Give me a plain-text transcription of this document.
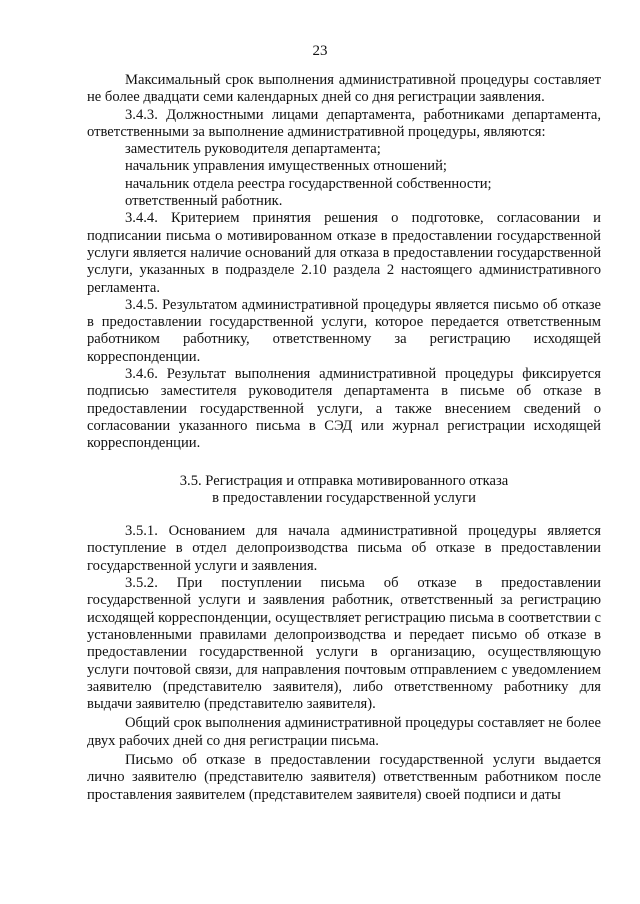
23

Максимальный срок выполнения административной процедуры составляет не более двадцати семи календарных дней со дня регистрации заявления.

3.4.3. Должностными лицами департамента, работниками департамента, ответственными за выполнение административной процедуры, являются:

заместитель руководителя департамента;

начальник управления имущественных отношений;

начальник отдела реестра государственной собственности;

ответственный работник.

3.4.4. Критерием принятия решения о подготовке, согласовании и подписании письма о мотивированном отказе в предоставлении государственной услуги является наличие оснований для отказа в предоставлении государственной услуги, указанных в подразделе 2.10 раздела 2 настоящего административного регламента.

3.4.5. Результатом административной процедуры является письмо об отказе в предоставлении государственной услуги, которое передается ответственным работником работнику, ответственному за регистрацию исходящей корреспонденции.

3.4.6. Результат выполнения административной процедуры фиксируется подписью заместителя руководителя департамента в письме об отказе в предоставлении государственной услуги, а также внесением сведений о согласовании указанного письма в СЭД или журнал регистрации исходящей корреспонденции.

3.5. Регистрация и отправка мотивированного отказа
в предоставлении государственной услуги

3.5.1. Основанием для начала административной процедуры является поступление в отдел делопроизводства письма об отказе в предоставлении государственной услуги и заявления.

3.5.2. При поступлении письма об отказе в предоставлении государственной услуги и заявления работник, ответственный за регистрацию исходящей корреспонденции, осуществляет регистрацию письма в соответствии с установленными правилами делопроизводства и передает письмо об отказе в предоставлении государственной услуги в организацию, осуществляющую услуги почтовой связи, для направления почтовым отправлением с уведомлением заявителю (представителю заявителя), либо ответственному работнику для выдачи заявителю (представителю заявителя).

Общий срок выполнения административной процедуры составляет не более двух рабочих дней со дня регистрации письма.

Письмо об отказе в предоставлении государственной услуги выдается лично заявителю (представителю заявителя) ответственным работником после проставления заявителем (представителем заявителя) своей подписи и даты
